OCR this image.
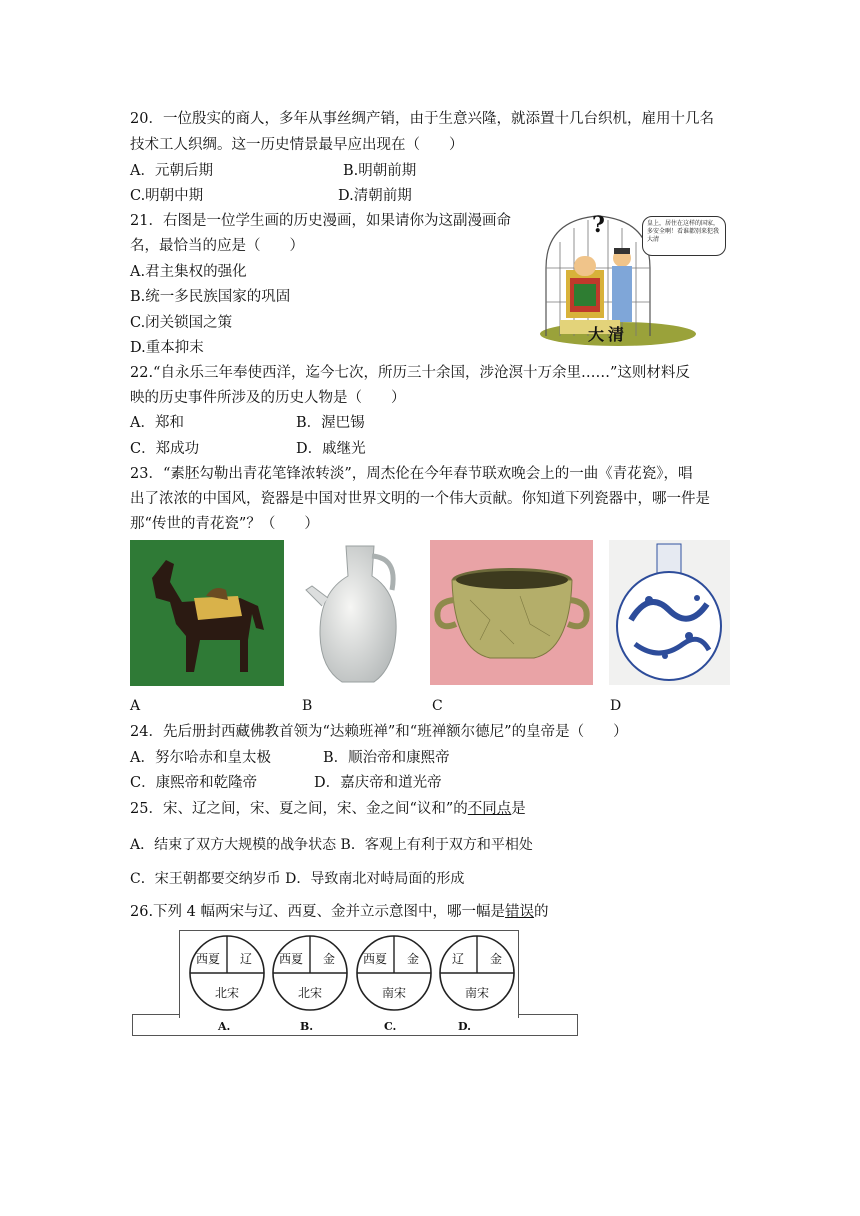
20．一位殷实的商人，多年从事丝绸产销，由于生意兴隆，就添置十几台织机，雇用十几名
技术工人织绸。这一历史情景最早应出现在（　　）
A．元朝后期	B.明朝前期
C.明朝中期	D.清朝前期
21．右图是一位学生画的历史漫画，如果请你为这副漫画命
名，最恰当的应是（　　）
A.君主集权的强化
B.统一多民族国家的巩固
C.闭关锁国之策
D.重本抑末
皇上，居住在这样的国家，多安全啊！看谁都别来犯我大清
?
大清
22.“自永乐三年奉使西洋，迄今七次，所历三十余国，涉沧溟十万余里……”这则材料反
映的历史事件所涉及的历史人物是（　　）
A．郑和	B．渥巴锡
C．郑成功	D．戚继光
23．“素胚勾勒出青花笔锋浓转淡”，周杰伦在今年春节联欢晚会上的一曲《青花瓷》，唱
出了浓浓的中国风，瓷器是中国对世界文明的一个伟大贡献。你知道下列瓷器中，哪一件是
那“传世的青花瓷”？（　　）
A	B	C	D
24．先后册封西藏佛教首领为“达赖班禅”和“班禅额尔德尼”的皇帝是（　　）
A．努尔哈赤和皇太极	B．顺治帝和康熙帝
C．康熙帝和乾隆帝	D．嘉庆帝和道光帝
25．宋、辽之间，宋、夏之间，宋、金之间“议和”的不同点是
A．结束了双方大规模的战争状态 B．客观上有利于双方和平相处
C．宋王朝都要交纳岁币 D．导致南北对峙局面的形成
26.下列 4 幅两宋与辽、西夏、金并立示意图中，哪一幅是错误的
西夏	辽
北宋
西夏	金
北宋
西夏	金
南宋
辽	金
南宋
A.	B.	C.	D.
